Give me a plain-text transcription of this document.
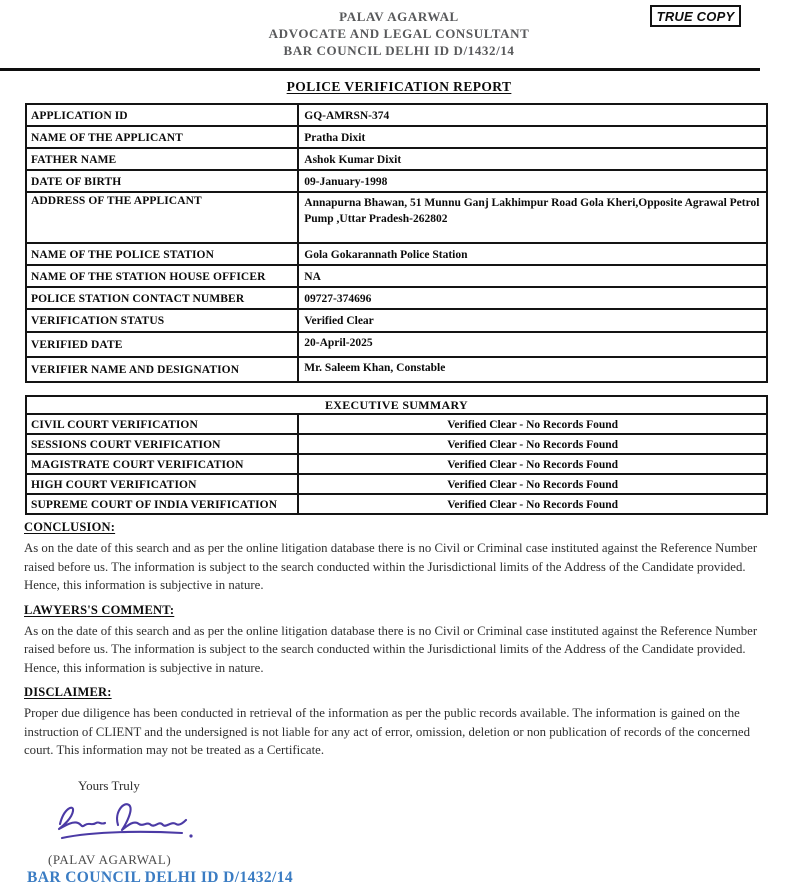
PALAV AGARWAL
ADVOCATE AND LEGAL CONSULTANT
BAR COUNCIL DELHI ID D/1432/14
TRUE COPY
POLICE VERIFICATION REPORT
APPLICATION ID	GQ-AMRSN-374
NAME OF THE APPLICANT	Pratha Dixit
FATHER NAME	Ashok Kumar Dixit
DATE OF BIRTH	09-January-1998
ADDRESS OF THE APPLICANT	Annapurna Bhawan, 51 Munnu Ganj Lakhimpur Road Gola Kheri,Opposite Agrawal Petrol Pump ,Uttar Pradesh-262802
NAME OF THE POLICE STATION	Gola Gokarannath Police Station
NAME OF THE STATION HOUSE OFFICER	NA
POLICE STATION CONTACT NUMBER	09727-374696
VERIFICATION STATUS	Verified Clear
VERIFIED DATE	20-April-2025
VERIFIER NAME AND DESIGNATION	Mr. Saleem Khan, Constable
EXECUTIVE SUMMARY
CIVIL COURT VERIFICATION	Verified Clear - No Records Found
SESSIONS COURT VERIFICATION	Verified Clear - No Records Found
MAGISTRATE COURT VERIFICATION	Verified Clear - No Records Found
HIGH COURT VERIFICATION	Verified Clear - No Records Found
SUPREME COURT OF INDIA VERIFICATION	Verified Clear - No Records Found
CONCLUSION:
As on the date of this search and as per the online litigation database there is no Civil or Criminal case instituted against the Reference Number raised before us. The information is subject to the search conducted within the Jurisdictional limits of the Address of the Candidate provided. Hence, this information is subjective in nature.
LAWYERS'S COMMENT:
As on the date of this search and as per the online litigation database there is no Civil or Criminal case instituted against the Reference Number raised before us. The information is subject to the search conducted within the Jurisdictional limits of the Address of the Candidate provided. Hence, this information is subjective in nature.
DISCLAIMER:
Proper due diligence has been conducted in retrieval of the information as per the public records available. The information is gained on the instruction of CLIENT and the undersigned is not liable for any act of error, omission, deletion or non publication of records of the concerned court. This information may not be treated as a Certificate.
Yours Truly
(PALAV AGARWAL)
BAR COUNCIL DELHI ID D/1432/14
